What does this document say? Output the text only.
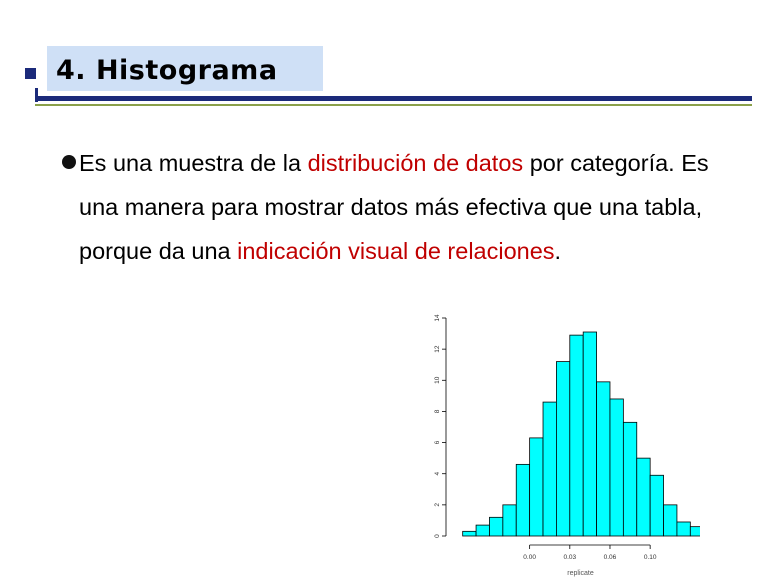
4. Histograma
Es una muestra de la distribución de datos por categoría. Es una manera para mostrar datos más efectiva que una tabla, porque da una indicación visual de relaciones.
0
2
4
6
8
10
12
14
0.00	0.03	0.06	0.10
replicate
